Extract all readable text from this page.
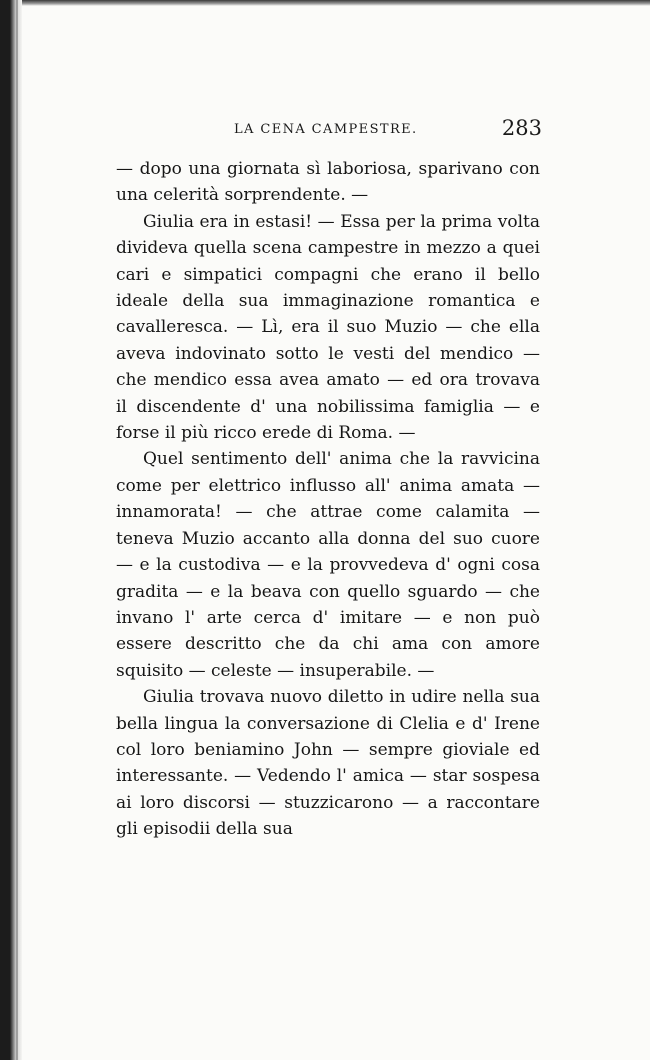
LA CENA CAMPESTRE.	283

— dopo una giornata sì laboriosa, sparivano con una celerità sorprendente. —

Giulia era in estasi! — Essa per la prima volta divideva quella scena campestre in mezzo a quei cari e simpatici compagni che erano il bello ideale della sua immaginazione romantica e cavalleresca. — Lì, era il suo Muzio — che ella aveva indovinato sotto le vesti del mendico — che mendico essa avea amato — ed ora trovava il discendente d' una nobilissima famiglia — e forse il più ricco erede di Roma. —

Quel sentimento dell' anima che la ravvicina come per elettrico influsso all' anima amata — innamorata! — che attrae come calamita — teneva Muzio accanto alla donna del suo cuore — e la custodiva — e la provvedeva d' ogni cosa gradita — e la beava con quello sguardo — che invano l' arte cerca d' imitare — e non può essere descritto che da chi ama con amore squisito — celeste — insuperabile. —

Giulia trovava nuovo diletto in udire nella sua bella lingua la conversazione di Clelia e d' Irene col loro beniamino John — sempre gioviale ed interessante. — Vedendo l' amica — star sospesa ai loro discorsi — stuzzicarono — a raccontare gli episodii della sua
